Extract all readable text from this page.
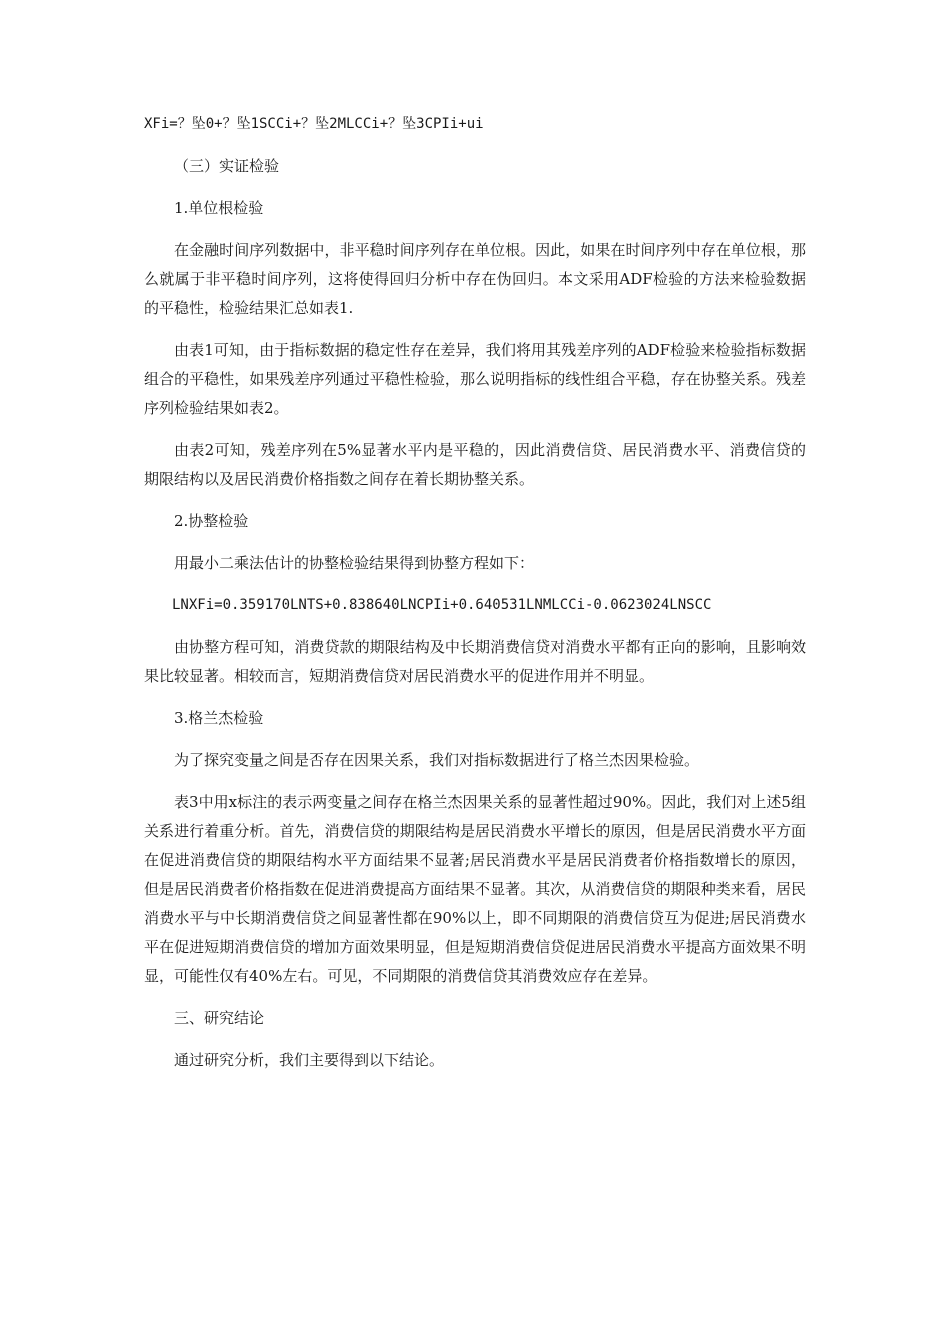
XFi=？坠0+？坠1SCCi+？坠2MLCCi+？坠3CPIi+ui

（三）实证检验

1.单位根检验

在金融时间序列数据中，非平稳时间序列存在单位根。因此，如果在时间序列中存在单位根，那么就属于非平稳时间序列，这将使得回归分析中存在伪回归。本文采用ADF检验的方法来检验数据的平稳性，检验结果汇总如表1.

由表1可知，由于指标数据的稳定性存在差异，我们将用其残差序列的ADF检验来检验指标数据组合的平稳性，如果残差序列通过平稳性检验，那么说明指标的线性组合平稳，存在协整关系。残差序列检验结果如表2。

由表2可知，残差序列在5%显著水平内是平稳的，因此消费信贷、居民消费水平、消费信贷的期限结构以及居民消费价格指数之间存在着长期协整关系。

2.协整检验

用最小二乘法估计的协整检验结果得到协整方程如下：

LNXFi=0.359170LNTS+0.838640LNCPIi+0.640531LNMLCCi-0.0623024LNSCC

由协整方程可知，消费贷款的期限结构及中长期消费信贷对消费水平都有正向的影响，且影响效果比较显著。相较而言，短期消费信贷对居民消费水平的促进作用并不明显。

3.格兰杰检验

为了探究变量之间是否存在因果关系，我们对指标数据进行了格兰杰因果检验。

表3中用x标注的表示两变量之间存在格兰杰因果关系的显著性超过90%。因此，我们对上述5组关系进行着重分析。首先，消费信贷的期限结构是居民消费水平增长的原因，但是居民消费水平方面在促进消费信贷的期限结构水平方面结果不显著;居民消费水平是居民消费者价格指数增长的原因，但是居民消费者价格指数在促进消费提高方面结果不显著。其次，从消费信贷的期限种类来看，居民消费水平与中长期消费信贷之间显著性都在90%以上，即不同期限的消费信贷互为促进;居民消费水平在促进短期消费信贷的增加方面效果明显，但是短期消费信贷促进居民消费水平提高方面效果不明显，可能性仅有40%左右。可见，不同期限的消费信贷其消费效应存在差异。

三、研究结论

通过研究分析，我们主要得到以下结论。
